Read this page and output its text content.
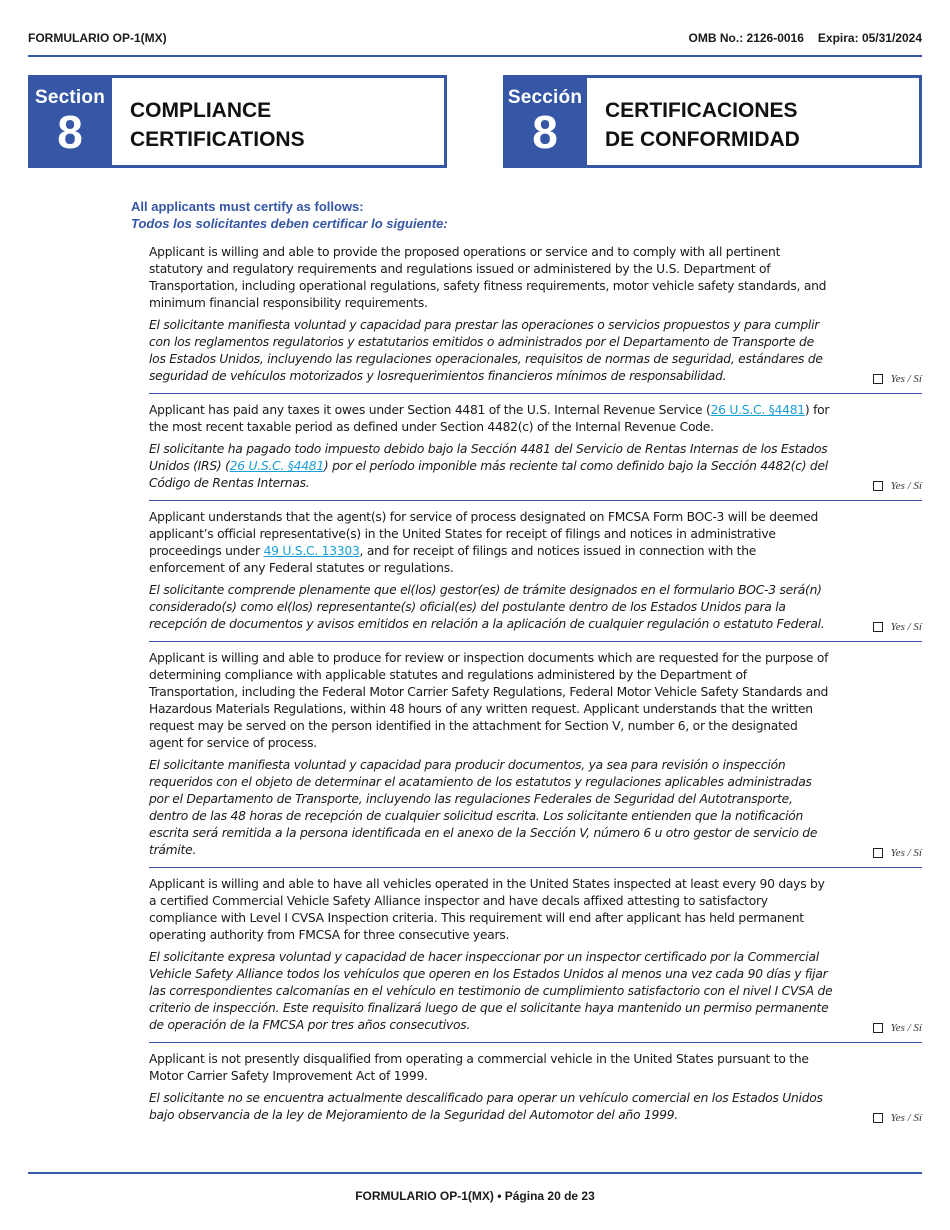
FORMULARIO OP-1(MX)	OMB No.: 2126-0016 Expira: 05/31/2024
Section
8	COMPLIANCE
CERTIFICATIONS
Sección
8	CERTIFICACIONES
DE CONFORMIDAD
All applicants must certify as follows:
Todos los solicitantes deben certificar lo siguiente:
Applicant is willing and able to provide the proposed operations or service and to comply with all pertinent statutory and regulatory requirements and regulations issued or administered by the U.S. Department of Transportation, including operational regulations, safety fitness requirements, motor vehicle safety standards, and minimum financial responsibility requirements.
El solicitante manifiesta voluntad y capacidad para prestar las operaciones o servicios propuestos y para cumplir con los reglamentos regulatorios y estatutarios emitidos o administrados por el Departamento de Transporte de los Estados Unidos, incluyendo las regulaciones operacionales, requisitos de normas de seguridad, estándares de seguridad de vehículos motorizados y losrequerimientos financieros mínimos de responsabilidad.	Yes / Sí
Applicant has paid any taxes it owes under Section 4481 of the U.S. Internal Revenue Service (26 U.S.C. §4481) for the most recent taxable period as defined under Section 4482(c) of the Internal Revenue Code.
El solicitante ha pagado todo impuesto debido bajo la Sección 4481 del Servicio de Rentas Internas de los Estados Unidos (IRS) (26 U.S.C. §4481) por el período imponible más reciente tal como definido bajo la Sección 4482(c) del Código de Rentas Internas.	Yes / Sí
Applicant understands that the agent(s) for service of process designated on FMCSA Form BOC-3 will be deemed applicant’s official representative(s) in the United States for receipt of filings and notices in administrative proceedings under 49 U.S.C. 13303, and for receipt of filings and notices issued in connection with the enforcement of any Federal statutes or regulations.
El solicitante comprende plenamente que el(los) gestor(es) de trámite designados en el formulario BOC-3 será(n) considerado(s) como el(los) representante(s) oficial(es) del postulante dentro de los Estados Unidos para la recepción de documentos y avisos emitidos en relación a la aplicación de cualquier regulación o estatuto Federal.	Yes / Sí
Applicant is willing and able to produce for review or inspection documents which are requested for the purpose of determining compliance with applicable statutes and regulations administered by the Department of Transportation, including the Federal Motor Carrier Safety Regulations, Federal Motor Vehicle Safety Standards and Hazardous Materials Regulations, within 48 hours of any written request. Applicant understands that the written request may be served on the person identified in the attachment for Section V, number 6, or the designated agent for service of process.
El solicitante manifiesta voluntad y capacidad para producir documentos, ya sea para revisión o inspección requeridos con el objeto de determinar el acatamiento de los estatutos y regulaciones aplicables administradas por el Departamento de Transporte, incluyendo las regulaciones Federales de Seguridad del Autotransporte, dentro de las 48 horas de recepción de cualquier solicitud escrita. Los solicitante entienden que la notificación escrita será remitida a la persona identificada en el anexo de la Sección V, número 6 u otro gestor de servicio de trámite.	Yes / Sí
Applicant is willing and able to have all vehicles operated in the United States inspected at least every 90 days by a certified Commercial Vehicle Safety Alliance inspector and have decals affixed attesting to satisfactory compliance with Level I CVSA Inspection criteria. This requirement will end after applicant has held permanent operating authority from FMCSA for three consecutive years.
El solicitante expresa voluntad y capacidad de hacer inspeccionar por un inspector certificado por la Commercial Vehicle Safety Alliance todos los vehículos que operen en los Estados Unidos al menos una vez cada 90 días y fijar las correspondientes calcomanías en el vehículo en testimonio de cumplimiento satisfactorio con el nivel I CVSA de criterio de inspección. Este requisito finalizará luego de que el solicitante haya mantenido un permiso permanente de operación de la FMCSA por tres años consecutivos.	Yes / Sí
Applicant is not presently disqualified from operating a commercial vehicle in the United States pursuant to the Motor Carrier Safety Improvement Act of 1999.
El solicitante no se encuentra actualmente descalificado para operar un vehículo comercial en los Estados Unidos bajo observancia de la ley de Mejoramiento de la Seguridad del Automotor del año 1999.	Yes / Sí
FORMULARIO OP-1(MX) • Página 20 de 23
